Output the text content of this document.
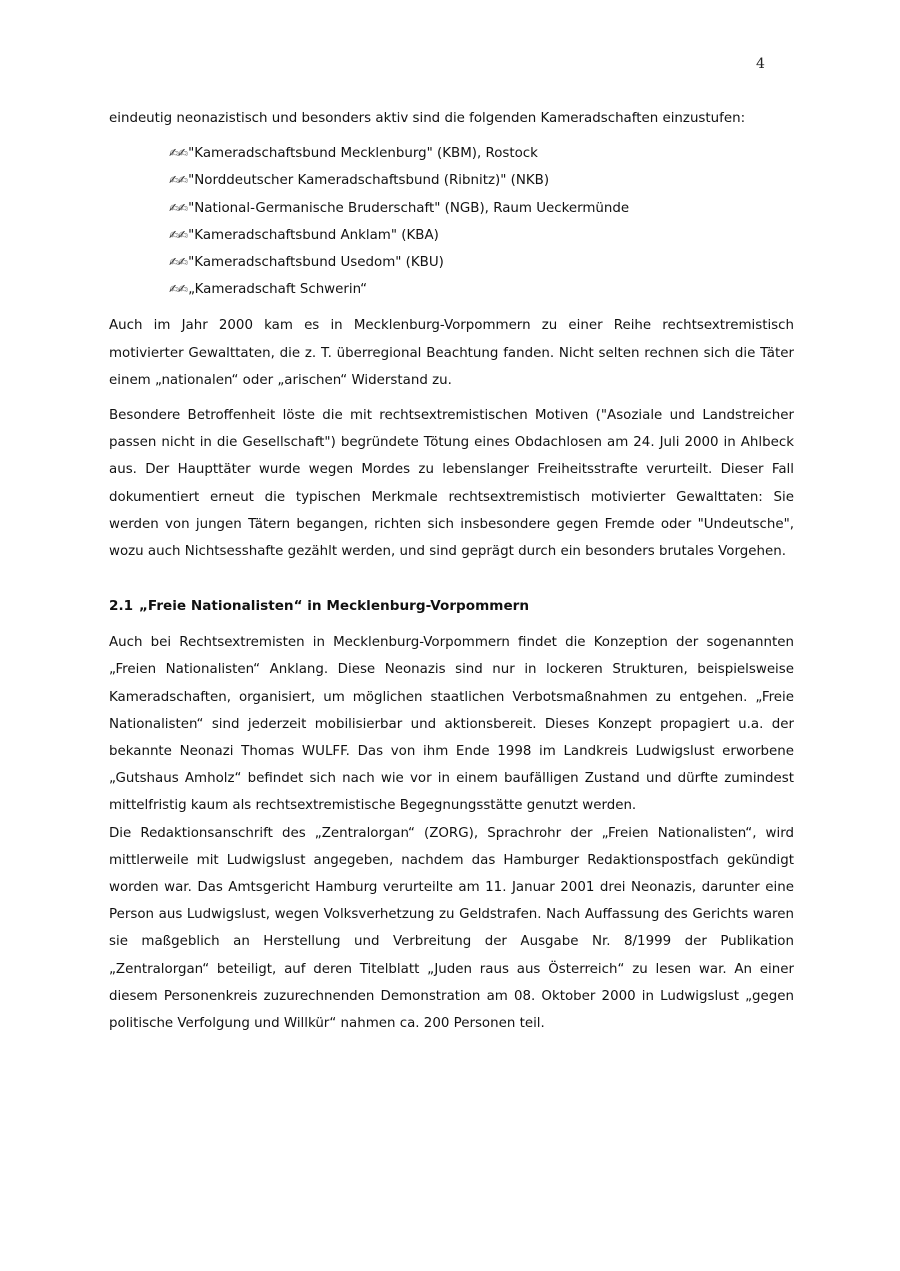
4

eindeutig neonazistisch und besonders aktiv sind die folgenden Kameradschaften einzustufen:

✍✍"Kameradschaftsbund Mecklenburg" (KBM), Rostock
✍✍"Norddeutscher Kameradschaftsbund (Ribnitz)" (NKB)
✍✍"National-Germanische Bruderschaft" (NGB), Raum Ueckermünde
✍✍"Kameradschaftsbund Anklam" (KBA)
✍✍"Kameradschaftsbund Usedom" (KBU)
✍✍„Kameradschaft Schwerin“

Auch im Jahr 2000 kam es in Mecklenburg-Vorpommern zu einer Reihe rechtsextremistisch motivierter Gewalttaten, die z. T. überregional Beachtung fanden. Nicht selten rechnen sich die Täter einem „nationalen“ oder „arischen“ Widerstand zu.

Besondere Betroffenheit löste die mit rechtsextremistischen Motiven ("Asoziale und Landstreicher passen nicht in die Gesellschaft") begründete Tötung eines Obdachlosen am 24. Juli 2000 in Ahlbeck aus. Der Haupttäter wurde wegen Mordes zu lebenslanger Freiheitsstrafte verurteilt. Dieser Fall dokumentiert erneut die typischen Merkmale rechtsextremistisch motivierter Gewalttaten: Sie werden von jungen Tätern begangen, richten sich insbesondere gegen Fremde oder "Undeutsche", wozu auch Nichtsesshafte gezählt werden, und sind geprägt durch ein besonders brutales Vorgehen.

2.1 „Freie Nationalisten“ in Mecklenburg-Vorpommern

Auch bei Rechtsextremisten in Mecklenburg-Vorpommern findet die Konzeption der sogenannten „Freien Nationalisten“ Anklang. Diese Neonazis sind nur in lockeren Strukturen, beispielsweise Kameradschaften, organisiert, um möglichen staatlichen Verbotsmaßnahmen zu entgehen. „Freie Nationalisten“ sind jederzeit mobilisierbar und aktionsbereit. Dieses Konzept propagiert u.a. der bekannte Neonazi Thomas WULFF. Das von ihm Ende 1998 im Landkreis Ludwigslust erworbene „Gutshaus Amholz“ befindet sich nach wie vor in einem baufälligen Zustand und dürfte zumindest mittelfristig kaum als rechtsextremistische Begegnungsstätte genutzt werden.

Die Redaktionsanschrift des „Zentralorgan“ (ZORG), Sprachrohr der „Freien Nationalisten“, wird mittlerweile mit Ludwigslust angegeben, nachdem das Hamburger Redaktionspostfach gekündigt worden war. Das Amtsgericht Hamburg verurteilte am 11. Januar 2001 drei Neonazis, darunter eine Person aus Ludwigslust, wegen Volksverhetzung zu Geldstrafen. Nach Auffassung des Gerichts waren sie maßgeblich an Herstellung und Verbreitung der Ausgabe Nr. 8/1999 der Publikation „Zentralorgan“ beteiligt, auf deren Titelblatt „Juden raus aus Österreich“ zu lesen war. An einer diesem Personenkreis zuzurechnenden Demonstration am 08. Oktober 2000 in Ludwigslust „gegen politische Verfolgung und Willkür“ nahmen ca. 200 Personen teil.
